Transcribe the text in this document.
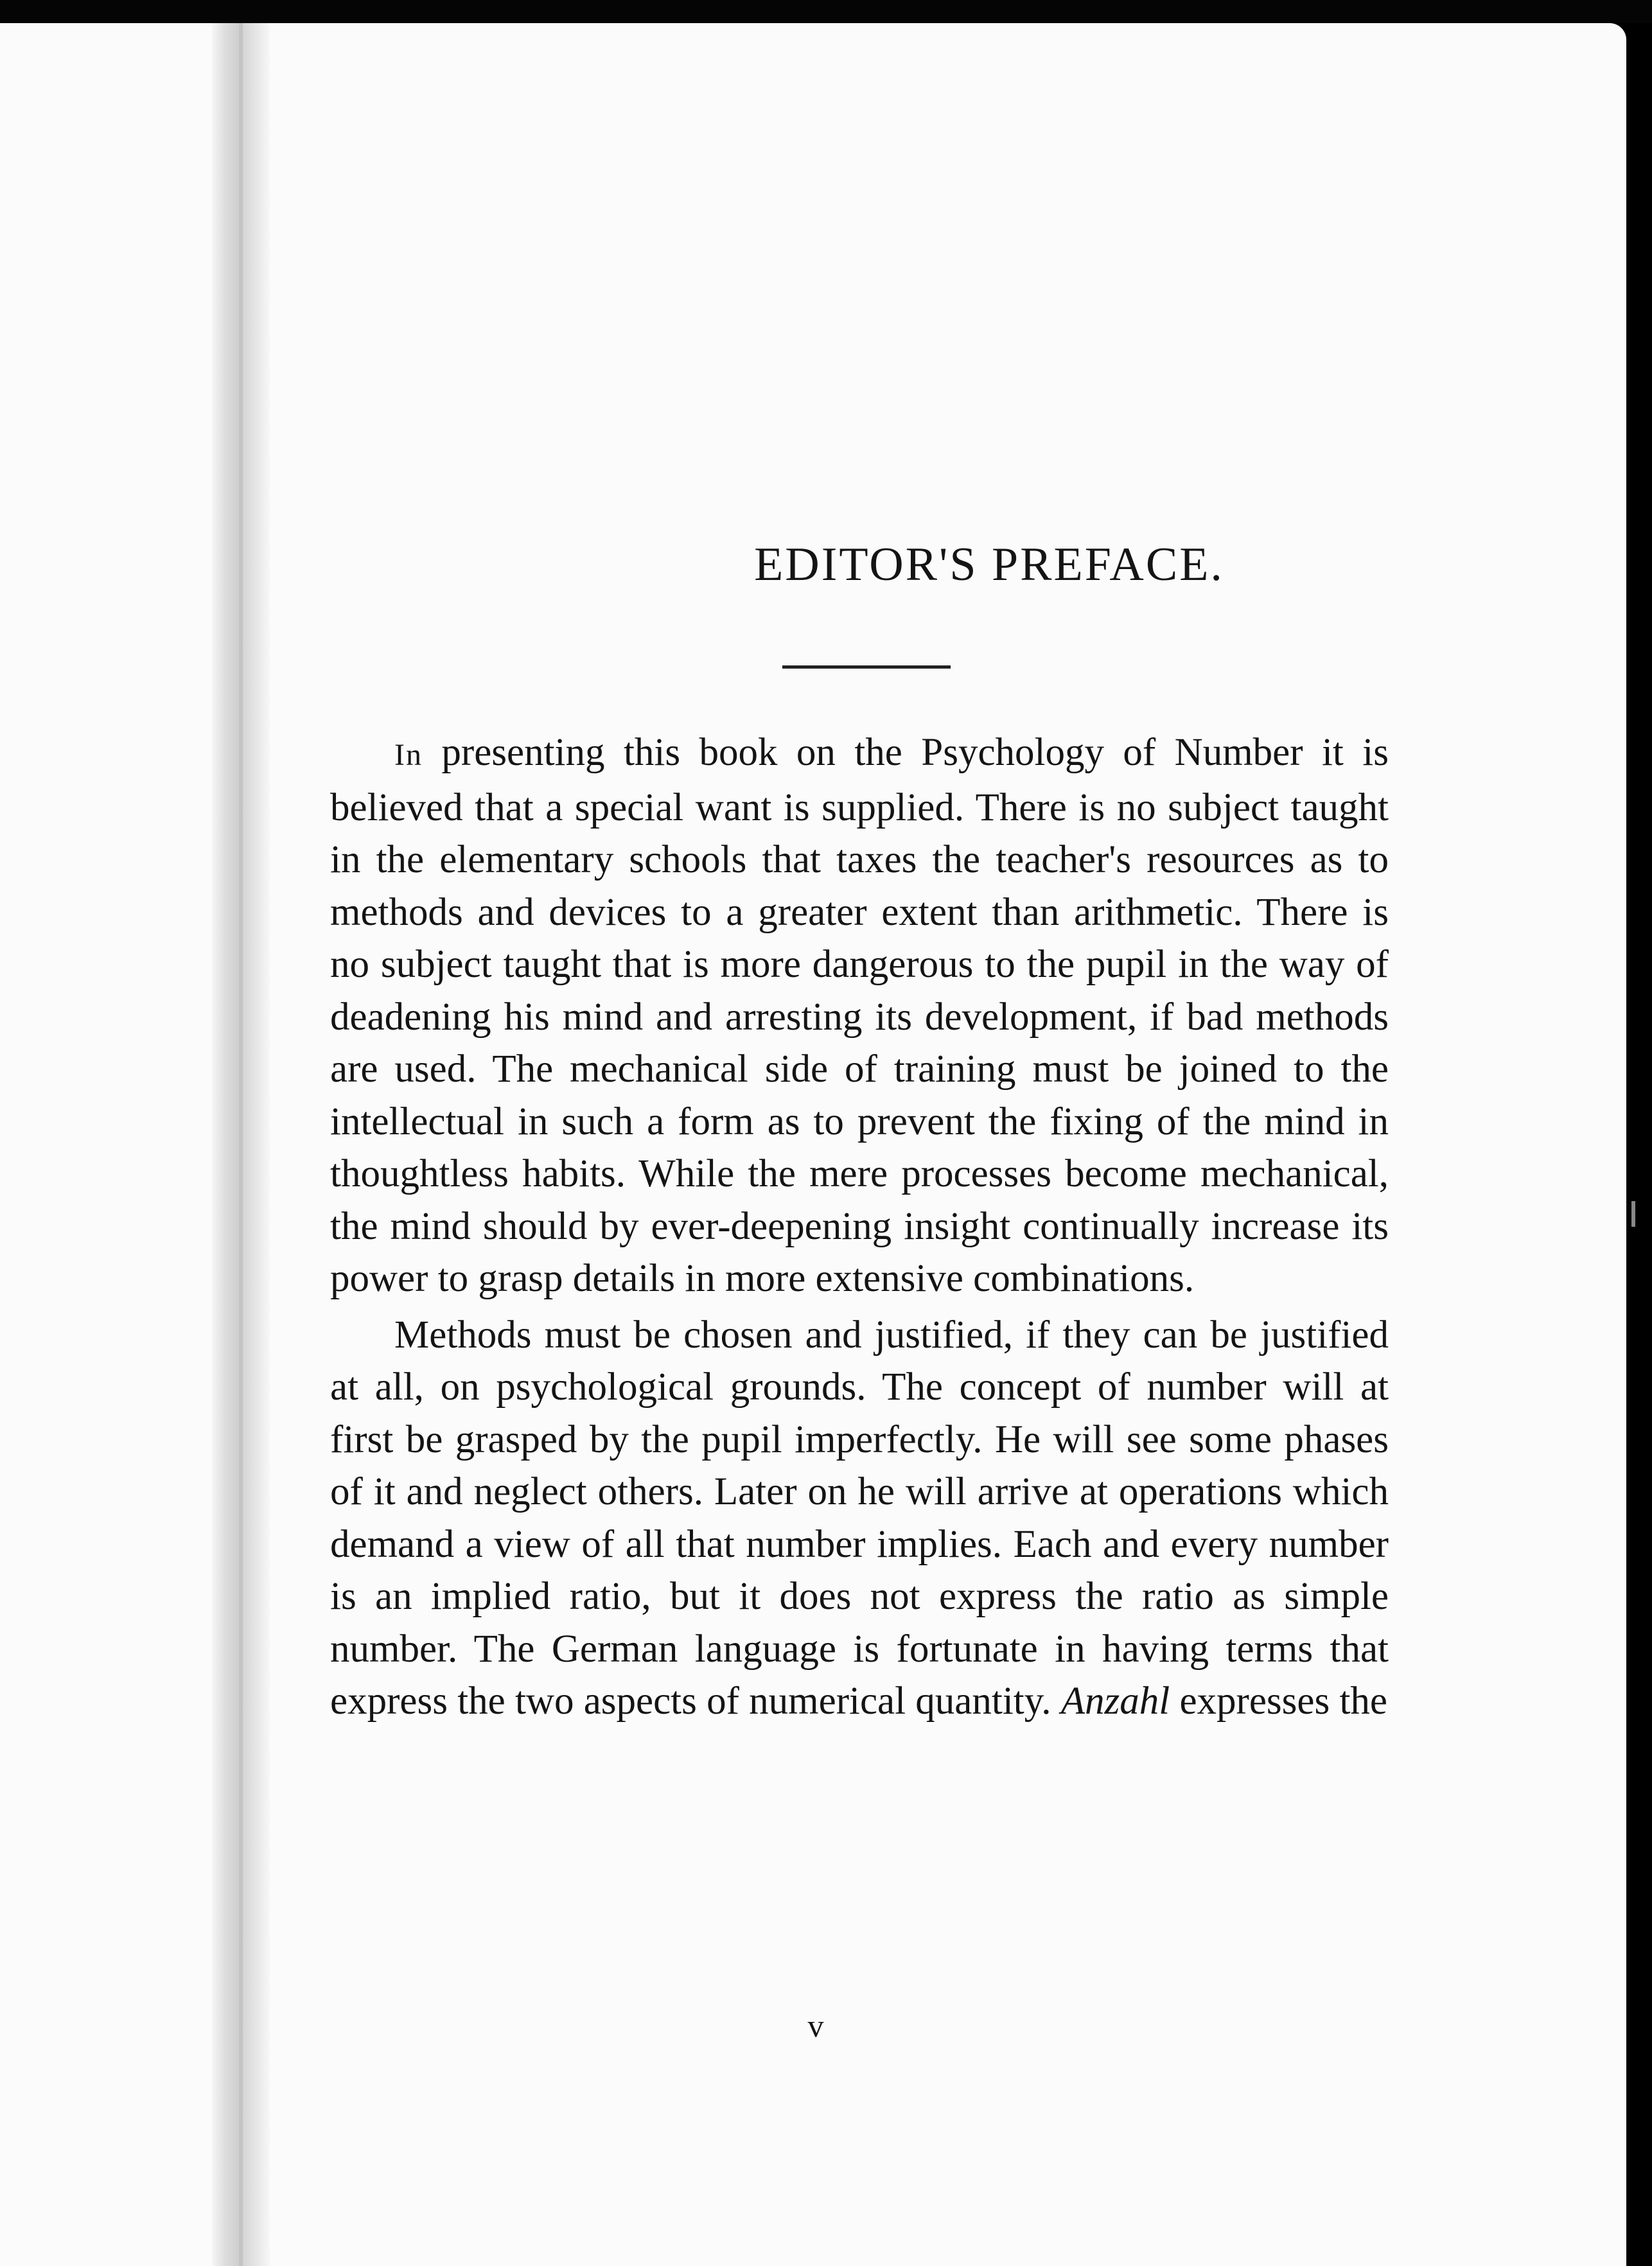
EDITOR'S PREFACE.

In presenting this book on the Psychology of Number it is believed that a special want is supplied. There is no subject taught in the elementary schools that taxes the teacher's resources as to methods and devices to a greater extent than arithmetic. There is no subject taught that is more dangerous to the pupil in the way of deadening his mind and arresting its development, if bad methods are used. The mechanical side of training must be joined to the intellectual in such a form as to prevent the fixing of the mind in thoughtless habits. While the mere processes become mechanical, the mind should by ever-deepening insight continually increase its power to grasp details in more extensive combinations.

Methods must be chosen and justified, if they can be justified at all, on psychological grounds. The concept of number will at first be grasped by the pupil imperfectly. He will see some phases of it and neglect others. Later on he will arrive at operations which demand a view of all that number implies. Each and every number is an implied ratio, but it does not express the ratio as simple number. The German language is fortunate in having terms that express the two aspects of numerical quantity. Anzahl expresses the

v
